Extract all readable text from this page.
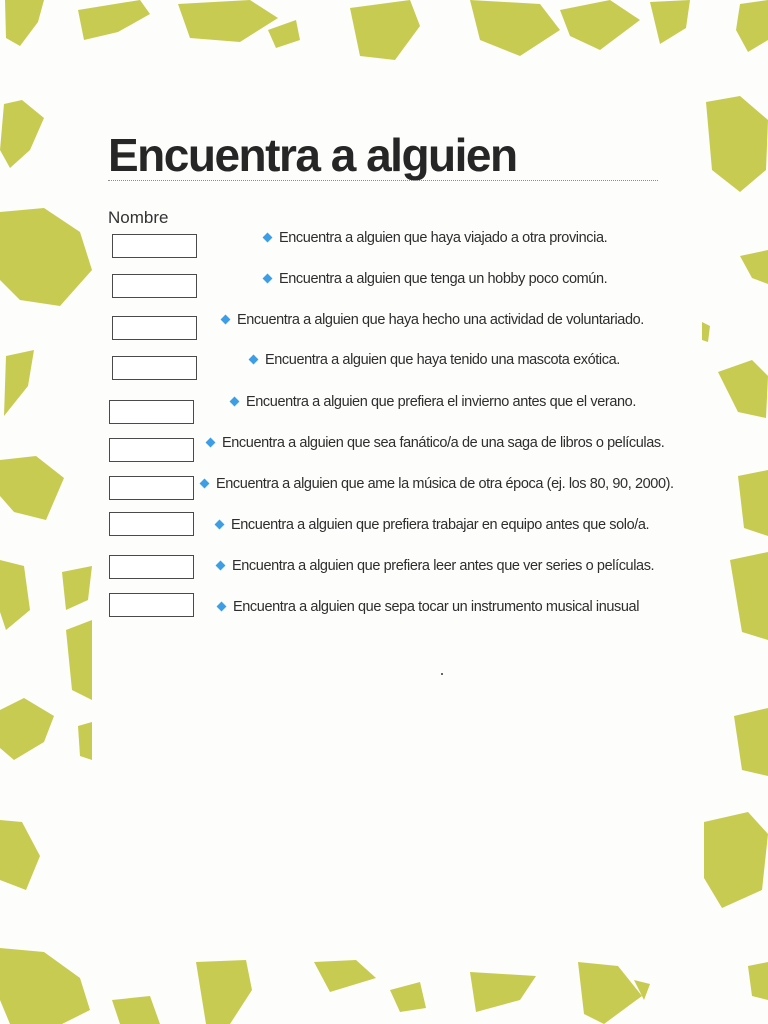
Encuentra a alguien
Nombre
Encuentra a alguien que haya viajado a otra provincia.
Encuentra a alguien que tenga un hobby poco común.
Encuentra a alguien que haya hecho una actividad de voluntariado.
Encuentra a alguien que haya tenido una mascota exótica.
Encuentra a alguien que prefiera el invierno antes que el verano.
Encuentra a alguien que sea fanático/a de una saga de libros o películas.
Encuentra a alguien que ame la música de otra época (ej. los 80, 90, 2000).
Encuentra a alguien que prefiera trabajar en equipo antes que solo/a.
Encuentra a alguien que prefiera leer antes que ver series o películas.
Encuentra a alguien que sepa tocar un instrumento musical inusual
